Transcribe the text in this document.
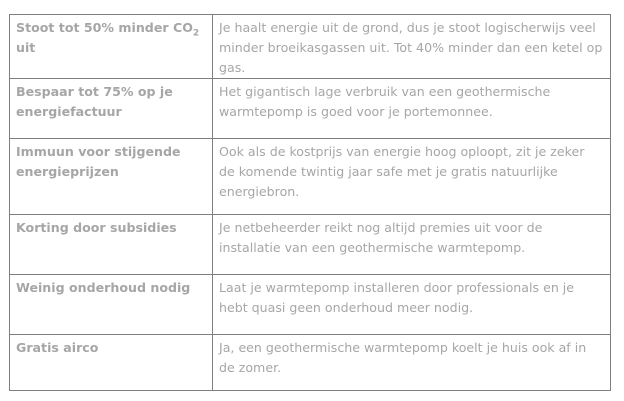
Stoot tot 50% minder $CO_2$ uit	Je haalt energie uit de grond, dus je stoot logischerwijs veel minder broeikasgassen uit. Tot 40% minder dan een ketel op gas.
Bespaar tot 75% op je energiefactuur	Het gigantisch lage verbruik van een geothermische warmtepomp is goed voor je portemonnee.
Immuun voor stijgende energieprijzen	Ook als de kostprijs van energie hoog oploopt, zit je zeker de komende twintig jaar safe met je gratis natuurlijke energiebron.
Korting door subsidies	Je netbeheerder reikt nog altijd premies uit voor de installatie van een geothermische warmtepomp.
Weinig onderhoud nodig	Laat je warmtepomp installeren door professionals en je hebt quasi geen onderhoud meer nodig.
Gratis airco	Ja, een geothermische warmtepomp koelt je huis ook af in de zomer.
